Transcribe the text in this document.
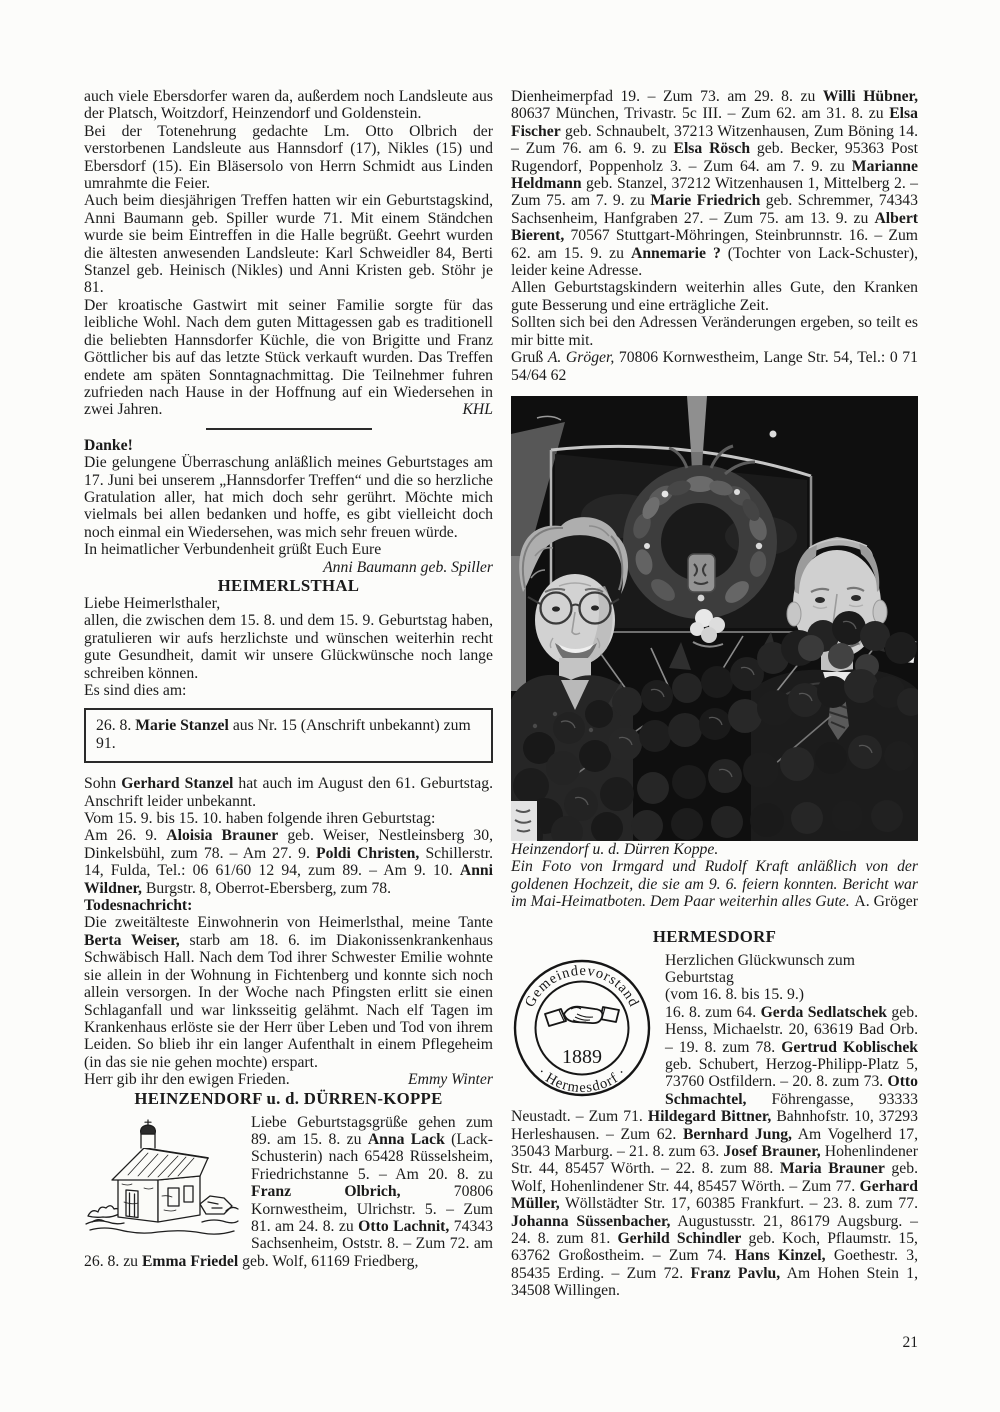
auch viele Ebersdorfer waren da, außerdem noch Landsleute aus der Platsch, Woitzdorf, Heinzendorf und Goldenstein.

Bei der Totenehrung gedachte Lm. Otto Olbrich der verstorbenen Landsleute aus Hannsdorf (17), Nikles (15) und Ebersdorf (15). Ein Bläsersolo von Herrn Schmidt aus Linden umrahmte die Feier.

Auch beim diesjährigen Treffen hatten wir ein Geburtstagskind, Anni Baumann geb. Spiller wurde 71. Mit einem Ständchen wurde sie beim Eintreffen in die Halle begrüßt. Geehrt wurden die ältesten anwesenden Landsleute: Karl Schweidler 84, Berti Stanzel geb. Heinisch (Nikles) und Anni Kristen geb. Stöhr je 81.

Der kroatische Gastwirt mit seiner Familie sorgte für das leibliche Wohl. Nach dem guten Mittagessen gab es traditionell die beliebten Hannsdorfer Küchle, die von Brigitte und Franz Göttlicher bis auf das letzte Stück verkauft wurden. Das Treffen endete am späten Sonntagnachmittag. Die Teilnehmer fuhren zufrieden nach Hause in der Hoffnung auf ein Wiedersehen in zwei Jahren.	KHL

Danke!

Die gelungene Überraschung anläßlich meines Geburtstages am 17. Juni bei unserem „Hannsdorfer Treffen“ und die so herzliche Gratulation aller, hat mich doch sehr gerührt. Möchte mich vielmals bei allen bedanken und hoffe, es gibt vielleicht doch noch einmal ein Wiedersehen, was mich sehr freuen würde.

In heimatlicher Verbundenheit grüßt Euch Eure

Anni Baumann geb. Spiller

HEIMERLSTHAL

Liebe Heimerlsthaler,

allen, die zwischen dem 15. 8. und dem 15. 9. Geburtstag haben, gratulieren wir aufs herzlichste und wünschen weiterhin recht gute Gesundheit, damit wir unsere Glückwünsche noch lange schreiben können.

Es sind dies am:

26. 8. Marie Stanzel aus Nr. 15 (Anschrift unbekannt) zum 91.

Sohn Gerhard Stanzel hat auch im August den 61. Geburtstag. Anschrift leider unbekannt.

Vom 15. 9. bis 15. 10. haben folgende ihren Geburtstag:

Am 26. 9. Aloisia Brauner geb. Weiser, Nestleinsberg 30, Dinkelsbühl, zum 78. – Am 27. 9. Poldi Christen, Schillerstr. 14, Fulda, Tel.: 06 61/60 12 94, zum 89. – Am 9. 10. Anni Wildner, Burgstr. 8, Oberrot-Ebersberg, zum 78.

Todesnachricht:

Die zweitälteste Einwohnerin von Heimerlsthal, meine Tante Berta Weiser, starb am 18. 6. im Diakonissenkrankenhaus Schwäbisch Hall. Nach dem Tod ihrer Schwester Emilie wohnte sie allein in der Wohnung in Fichtenberg und konnte sich noch allein versorgen. In der Woche nach Pfingsten erlitt sie einen Schlaganfall und war linksseitig gelähmt. Nach elf Tagen im Krankenhaus erlöste sie der Herr über Leben und Tod von ihrem Leiden. So blieb ihr ein langer Aufenthalt in einem Pflegeheim (in das sie nie gehen mochte) erspart.

Herr gib ihr den ewigen Frieden.	Emmy Winter

HEINZENDORF u. d. DÜRREN-KOPPE

Liebe Geburtstagsgrüße gehen zum 89. am 15. 8. zu Anna Lack (Lack-Schusterin) nach 65428 Rüsselsheim, Friedrichstanne 5. – Am 20. 8. zu Franz Olbrich, 70806 Kornwestheim, Ulrichstr. 5. – Zum 81. am 24. 8. zu Otto Lachnit, 74343 Sachsenheim, Oststr. 8. – Zum 72. am 26. 8. zu Emma Friedel geb. Wolf, 61169 Friedberg,

Dienheimerpfad 19. – Zum 73. am 29. 8. zu Willi Hübner, 80637 München, Trivastr. 5c III. – Zum 62. am 31. 8. zu Elsa Fischer geb. Schnaubelt, 37213 Witzenhausen, Zum Böning 14. – Zum 76. am 6. 9. zu Elsa Rösch geb. Becker, 95363 Post Rugendorf, Poppenholz 3. – Zum 64. am 7. 9. zu Marianne Heldmann geb. Stanzel, 37212 Witzenhausen 1, Mittelberg 2. – Zum 75. am 7. 9. zu Marie Friedrich geb. Schremmer, 74343 Sachsenheim, Hanfgraben 27. – Zum 75. am 13. 9. zu Albert Bierent, 70567 Stuttgart-Möhringen, Steinbrunnstr. 16. – Zum 62. am 15. 9. zu Annemarie ? (Tochter von Lack-Schuster), leider keine Adresse.

Allen Geburtstagskindern weiterhin alles Gute, den Kranken gute Besserung und eine erträgliche Zeit.

Sollten sich bei den Adressen Veränderungen ergeben, so teilt es mir bitte mit.

Gruß A. Gröger, 70806 Kornwestheim, Lange Str. 54, Tel.: 0 71 54/64 62

Heinzendorf u. d. Dürren Koppe.

Ein Foto von Irmgard und Rudolf Kraft anläßlich von der goldenen Hochzeit, die sie am 9. 6. feiern konnten. Bericht war im Mai-Heimatboten. Dem Paar weiterhin alles Gute. A. Gröger

HERMESDORF
Gemeindevorstand
· Hermesdorf ·
1889

Herzlichen Glückwunsch zum Geburtstag

(vom 16. 8. bis 15. 9.)

16. 8. zum 64. Gerda Sedlatschek geb. Henss, Michaelstr. 20, 63619 Bad Orb. – 19. 8. zum 78. Gertrud Koblischek geb. Schubert, Herzog-Philipp-Platz 5, 73760 Ostfildern. – 20. 8. zum 73. Otto Schmachtel, Föhrengasse, 93333 Neustadt. – Zum 71. Hildegard Bittner, Bahnhofstr. 10, 37293 Herleshausen. – Zum 62. Bernhard Jung, Am Vogelherd 17, 35043 Marburg. – 21. 8. zum 63. Josef Brauner, Hohenlindener Str. 44, 85457 Wörth. – 22. 8. zum 88. Maria Brauner geb. Wolf, Hohenlindener Str. 44, 85457 Wörth. – Zum 77. Gerhard Müller, Wöllstädter Str. 17, 60385 Frankfurt. – 23. 8. zum 77. Johanna Süssenbacher, Augustusstr. 21, 86179 Augsburg. – 24. 8. zum 81. Gerhild Schindler geb. Koch, Pflaumstr. 15, 63762 Großostheim. – Zum 74. Hans Kinzel, Goethestr. 3, 85435 Erding. – Zum 72. Franz Pavlu, Am Hohen Stein 1, 34508 Willingen.

21
